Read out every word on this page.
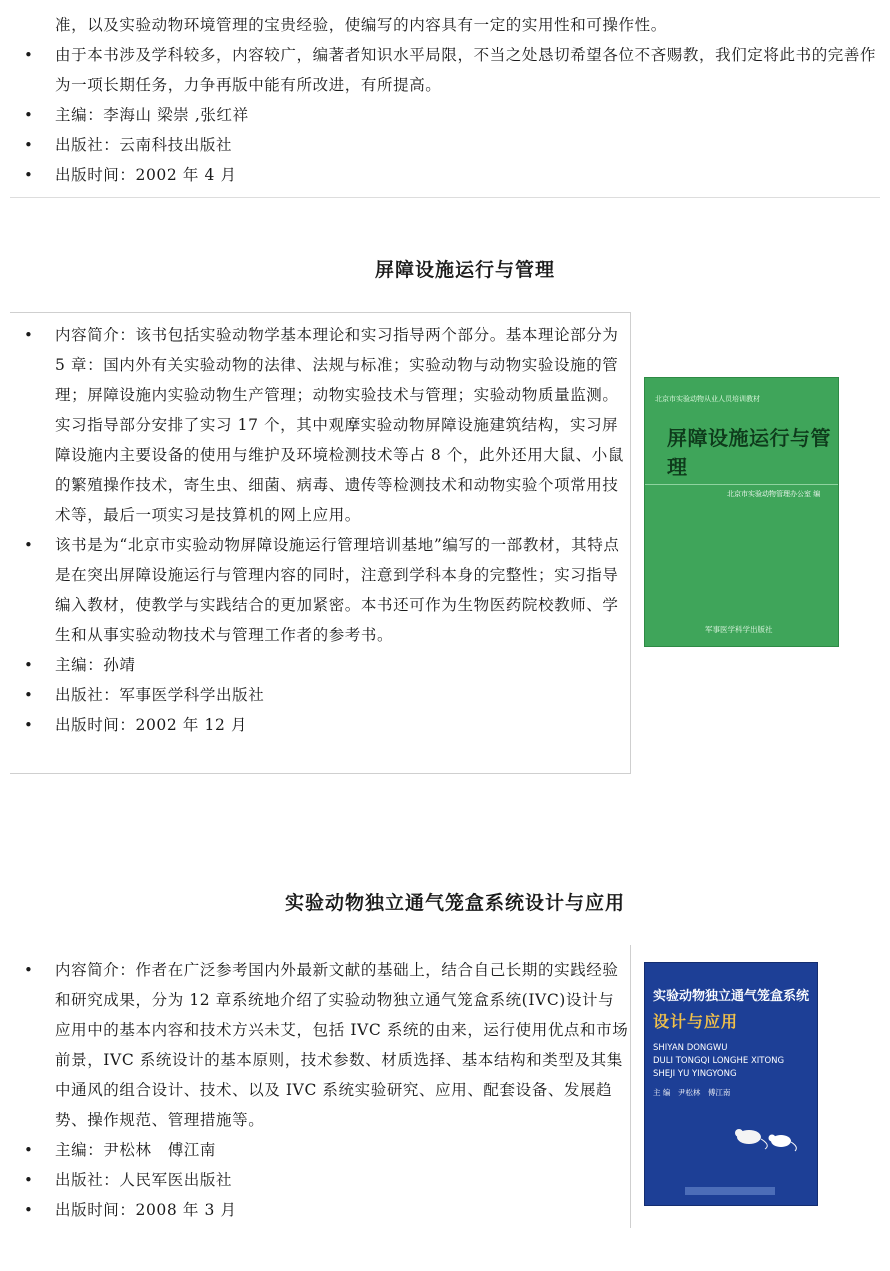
准，以及实验动物环境管理的宝贵经验，使编写的内容具有一定的实用性和可操作性。
• 由于本书涉及学科较多，内容较广，编著者知识水平局限，不当之处恳切希望各位不吝赐教，我们定将此书的完善作为一项长期任务，力争再版中能有所改进，有所提高。
• 主编：李海山 梁崇 ,张红祥
• 出版社：云南科技出版社
• 出版时间：2002 年 4 月
屏障设施运行与管理
• 内容简介：该书包括实验动物学基本理论和实习指导两个部分。基本理论部分为 5 章：国内外有关实验动物的法律、法规与标准；实验动物与动物实验设施的管理；屏障设施内实验动物生产管理；动物实验技术与管理；实验动物质量监测。实习指导部分安排了实习 17 个，其中观摩实验动物屏障设施建筑结构，实习屏障设施内主要设备的使用与维护及环境检测技术等占 8 个，此外还用大鼠、小鼠的繁殖操作技术，寄生虫、细菌、病毒、遗传等检测技术和动物实验个项常用技术等，最后一项实习是技算机的网上应用。
• 该书是为“北京市实验动物屏障设施运行管理培训基地”编写的一部教材，其特点是在突出屏障设施运行与管理内容的同时，注意到学科本身的完整性；实习指导编入教材，使教学与实践结合的更加紧密。本书还可作为生物医药院校教师、学生和从事实验动物技术与管理工作者的参考书。
• 主编：孙靖
• 出版社：军事医学科学出版社
• 出版时间：2002 年 12 月
北京市实验动物从业人员培训教材
屏障设施运行与管理
北京市实验动物管理办公室 编
军事医学科学出版社
实验动物独立通气笼盒系统设计与应用
• 内容简介：作者在广泛参考国内外最新文献的基础上，结合自己长期的实践经验和研究成果，分为 12 章系统地介绍了实验动物独立通气笼盒系统(IVC)设计与应用中的基本内容和技术方兴未艾，包括 IVC 系统的由来，运行使用优点和市场前景，IVC 系统设计的基本原则，技术参数、材质选择、基本结构和类型及其集中通风的组合设计、技术、以及 IVC 系统实验研究、应用、配套设备、发展趋势、操作规范、管理措施等。
• 主编：尹松林　傅江南
• 出版社：人民军医出版社
• 出版时间：2008 年 3 月
实验动物独立通气笼盒系统
设计与应用
SHIYAN DONGWU
DULI TONGQI LONGHE XITONG
SHEJI YU YINGYONG
主 编　尹松林　傅江南
